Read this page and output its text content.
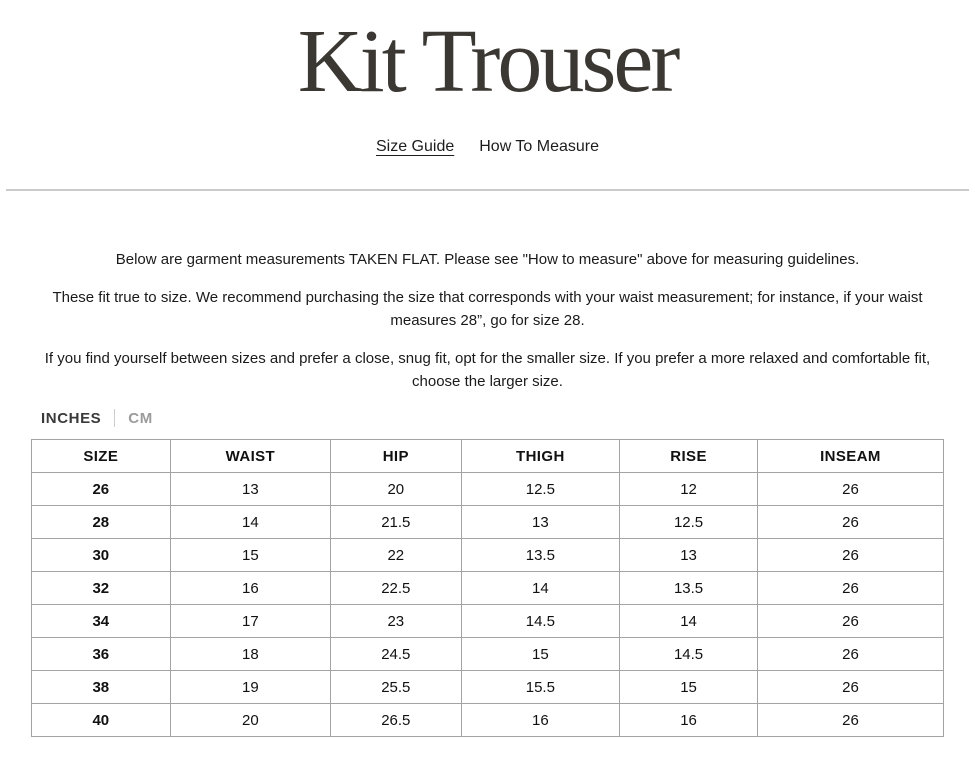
Kit Trouser
Size Guide How To Measure

Below are garment measurements TAKEN FLAT. Please see "How to measure" above for measuring guidelines.

These fit true to size. We recommend purchasing the size that corresponds with your waist measurement; for instance, if your waist measures 28”, go for size 28.

If you find yourself between sizes and prefer a close, snug fit, opt for the smaller size. If you prefer a more relaxed and comfortable fit, choose the larger size.

INCHES CM
SIZE	WAIST	HIP	THIGH	RISE	INSEAM
26	13	20	12.5	12	26
28	14	21.5	13	12.5	26
30	15	22	13.5	13	26
32	16	22.5	14	13.5	26
34	17	23	14.5	14	26
36	18	24.5	15	14.5	26
38	19	25.5	15.5	15	26
40	20	26.5	16	16	26
